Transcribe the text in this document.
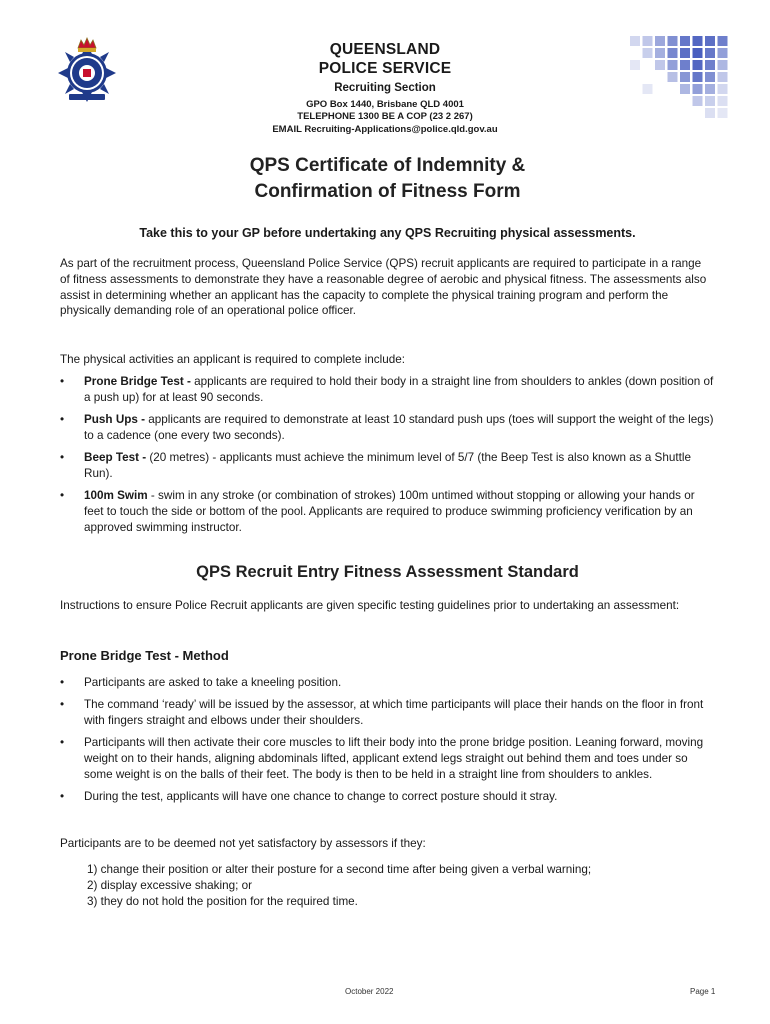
QUEENSLAND
POLICE SERVICE
Recruiting Section
GPO Box 1440, Brisbane QLD 4001
TELEPHONE 1300 BE A COP (23 2 267)
EMAIL Recruiting-Applications@police.qld.gov.au
QPS Certificate of Indemnity &
Confirmation of Fitness Form
Take this to your GP before undertaking any QPS Recruiting physical assessments.
As part of the recruitment process, Queensland Police Service (QPS) recruit applicants are required to participate in a range of fitness assessments to demonstrate they have a reasonable degree of aerobic and physical fitness. The assessments also assist in determining whether an applicant has the capacity to complete the physical training program and perform the physically demanding role of an operational police officer.
The physical activities an applicant is required to complete include:
•	Prone Bridge Test - applicants are required to hold their body in a straight line from shoulders to ankles (down position of a push up) for at least 90 seconds.
•	Push Ups - applicants are required to demonstrate at least 10 standard push ups (toes will support the weight of the legs) to a cadence (one every two seconds).
•	Beep Test - (20 metres) - applicants must achieve the minimum level of 5/7 (the Beep Test is also known as a Shuttle Run).
•	100m Swim - swim in any stroke (or combination of strokes) 100m untimed without stopping or allowing your hands or feet to touch the side or bottom of the pool. Applicants are required to produce swimming proficiency verification by an approved swimming instructor.
QPS Recruit Entry Fitness Assessment Standard
Instructions to ensure Police Recruit applicants are given specific testing guidelines prior to undertaking an assessment:
Prone Bridge Test - Method
•	Participants are asked to take a kneeling position.
•	The command ‘ready’ will be issued by the assessor, at which time participants will place their hands on the floor in front with fingers straight and elbows under their shoulders.
•	Participants will then activate their core muscles to lift their body into the prone bridge position. Leaning forward, moving weight on to their hands, aligning abdominals lifted, applicant extend legs straight out behind them and toes under so some weight is on the balls of their feet. The body is then to be held in a straight line from shoulders to ankles.
•	During the test, applicants will have one chance to change to correct posture should it stray.
Participants are to be deemed not yet satisfactory by assessors if they:
1) change their position or alter their posture for a second time after being given a verbal warning;
2) display excessive shaking; or
3) they do not hold the position for the required time.
October 2022	Page 1
